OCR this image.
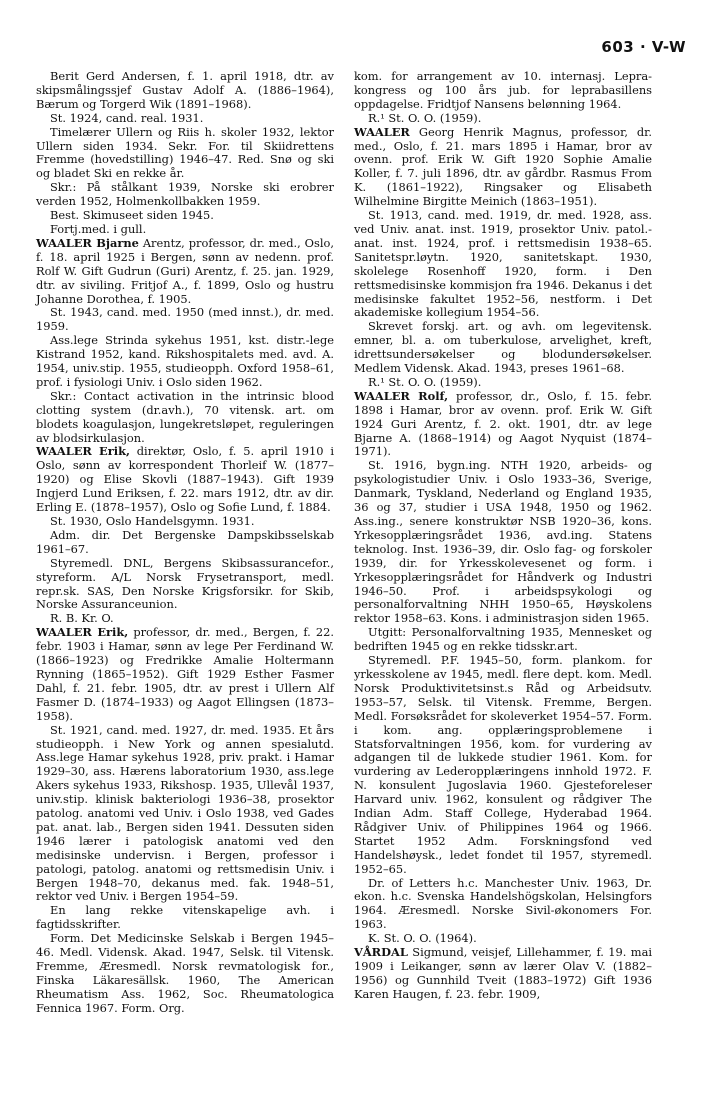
603 · V-W
Berit Gerd Andersen, f. 1. april 1918, dtr. av skipsmålingssjef Gustav Adolf A. (1886–1964), Bærum og Torgerd Wik (1891–1968).
St. 1924, cand. real. 1931.
Timelærer Ullern og Riis h. skoler 1932, lektor Ullern siden 1934. Sekr. For. til Skiidrettens Fremme (hovedstilling) 1946–47. Red. Snø og ski og bladet Ski en rekke år.
Skr.: På stålkant 1939, Norske ski erobrer verden 1952, Holmenkollbakken 1959.
Best. Skimuseet siden 1945.
Fortj.med. i gull.
WAALER Bjarne Arentz, professor, dr. med., Oslo, f. 18. april 1925 i Bergen, sønn av nedenn. prof. Rolf W. Gift Gudrun (Guri) Arentz, f. 25. jan. 1929, dtr. av siviling. Fritjof A., f. 1899, Oslo og hustru Johanne Dorothea, f. 1905.
St. 1943, cand. med. 1950 (med innst.), dr. med. 1959.
Ass.lege Strinda sykehus 1951, kst. distr.-lege Kistrand 1952, kand. Rikshospitalets med. avd. A. 1954, univ.stip. 1955, studieopph. Oxford 1958–61, prof. i fysiologi Univ. i Oslo siden 1962.
Skr.: Contact activation in the intrinsic blood clotting system (dr.avh.), 70 vitensk. art. om blodets koagulasjon, lungekretsløpet, reguleringen av blodsirkulasjon.
WAALER Erik, direktør, Oslo, f. 5. april 1910 i Oslo, sønn av korrespondent Thorleif W. (1877–1920) og Elise Skovli (1887–1943). Gift 1939 Ingjerd Lund Eriksen, f. 22. mars 1912, dtr. av dir. Erling E. (1878–1957), Oslo og Sofie Lund, f. 1884.
St. 1930, Oslo Handelsgymn. 1931.
Adm. dir. Det Bergenske Dampskibsselskab 1961–67.
Styremedl. DNL, Bergens Skibsassurancefor., styreform. A/L Norsk Frysetransport, medl. repr.sk. SAS, Den Norske Krigsforsikr. for Skib, Norske Assuranceunion.
R. B. Kr. O.
WAALER Erik, professor, dr. med., Bergen, f. 22. febr. 1903 i Hamar, sønn av lege Per Ferdinand W. (1866–1923) og Fredrikke Amalie Holtermann Rynning (1865–1952). Gift 1929 Esther Fasmer Dahl, f. 21. febr. 1905, dtr. av prest i Ullern Alf Fasmer D. (1874–1933) og Aagot Ellingsen (1873–1958).
St. 1921, cand. med. 1927, dr. med. 1935. Et års studieopph. i New York og annen spesialutd. Ass.lege Hamar sykehus 1928, priv. prakt. i Hamar 1929–30, ass. Hærens laboratorium 1930, ass.lege Akers sykehus 1933, Rikshosp. 1935, Ullevål 1937, univ.stip. klinisk bakteriologi 1936–38, prosektor patolog. anatomi ved Univ. i Oslo 1938, ved Gades pat. anat. lab., Bergen siden 1941. Dessuten siden 1946 lærer i patologisk anatomi ved den medisinske undervisn. i Bergen, professor i patologi, patolog. anatomi og rettsmedisin Univ. i Bergen 1948–70, dekanus med. fak. 1948–51, rektor ved Univ. i Bergen 1954–59.
En lang rekke vitenskapelige avh. i fagtidsskrifter.
Form. Det Medicinske Selskab i Bergen 1945–46. Medl. Vidensk. Akad. 1947, Selsk. til Vitensk. Fremme, Æresmedl. Norsk revmatologisk for., Finska Läkaresällsk. 1960, The American Rheumatism Ass. 1962, Soc. Rheumatologica Fennica 1967. Form. Org.
kom. for arrangement av 10. internasj. Lepra-kongress og 100 års jub. for leprabasillens oppdagelse. Fridtjof Nansens belønning 1964.
R.¹ St. O. O. (1959).
WAALER Georg Henrik Magnus, professor, dr. med., Oslo, f. 21. mars 1895 i Hamar, bror av ovenn. prof. Erik W. Gift 1920 Sophie Amalie Koller, f. 7. juli 1896, dtr. av gårdbr. Rasmus From K. (1861–1922), Ringsaker og Elisabeth Wilhelmine Birgitte Meinich (1863–1951).
St. 1913, cand. med. 1919, dr. med. 1928, ass. ved Univ. anat. inst. 1919, prosektor Univ. patol.-anat. inst. 1924, prof. i rettsmedisin 1938–65. Sanitetspr.løytn. 1920, sanitetskapt. 1930, skolelege Rosenhoff 1920, form. i Den rettsmedisinske kommisjon fra 1946. Dekanus i det medisinske fakultet 1952–56, nestform. i Det akademiske kollegium 1954–56.
Skrevet forskj. art. og avh. om legevitensk. emner, bl. a. om tuberkulose, arvelighet, kreft, idrettsundersøkelser og blodundersøkelser. Medlem Vidensk. Akad. 1943, preses 1961–68.
R.¹ St. O. O. (1959).
WAALER Rolf, professor, dr., Oslo, f. 15. febr. 1898 i Hamar, bror av ovenn. prof. Erik W. Gift 1924 Guri Arentz, f. 2. okt. 1901, dtr. av lege Bjarne A. (1868–1914) og Aagot Nyquist (1874–1971).
St. 1916, bygn.ing. NTH 1920, arbeids- og psykologistudier Univ. i Oslo 1933–36, Sverige, Danmark, Tyskland, Nederland og England 1935, 36 og 37, studier i USA 1948, 1950 og 1962. Ass.ing., senere konstruktør NSB 1920–36, kons. Yrkesopplæringsrådet 1936, avd.ing. Statens teknolog. Inst. 1936–39, dir. Oslo fag- og forskoler 1939, dir. for Yrkesskolevesenet og form. i Yrkesopplæringsrådet for Håndverk og Industri 1946–50. Prof. i arbeidspsykologi og personalforvaltning NHH 1950–65, Høyskolens rektor 1958–63. Kons. i administrasjon siden 1965.
Utgitt: Personalforvaltning 1935, Mennesket og bedriften 1945 og en rekke tidsskr.art.
Styremedl. P.F. 1945–50, form. plankom. for yrkesskolene av 1945, medl. flere dept. kom. Medl. Norsk Produktivitetsinst.s Råd og Arbeidsutv. 1953–57, Selsk. til Vitensk. Fremme, Bergen. Medl. Forsøksrådet for skoleverket 1954–57. Form. i kom. ang. opplæringsproblemene i Statsforvaltningen 1956, kom. for vurdering av adgangen til de lukkede studier 1961. Kom. for vurdering av Lederopplæringens innhold 1972. F. N. konsulent Jugoslavia 1960. Gjesteforeleser Harvard univ. 1962, konsulent og rådgiver The Indian Adm. Staff College, Hyderabad 1964. Rådgiver Univ. of Philippines 1964 og 1966. Startet 1952 Adm. Forskningsfond ved Handelshøysk., ledet fondet til 1957, styremedl. 1952–65.
Dr. of Letters h.c. Manchester Univ. 1963, Dr. ekon. h.c. Svenska Handelshögskolan, Helsingfors 1964. Æresmedl. Norske Sivil-økonomers For. 1963.
K. St. O. O. (1964).
VÅRDAL Sigmund, veisjef, Lillehammer, f. 19. mai 1909 i Leikanger, sønn av lærer Olav V. (1882–1956) og Gunnhild Tveit (1883–1972) Gift 1936 Karen Haugen, f. 23. febr. 1909,
